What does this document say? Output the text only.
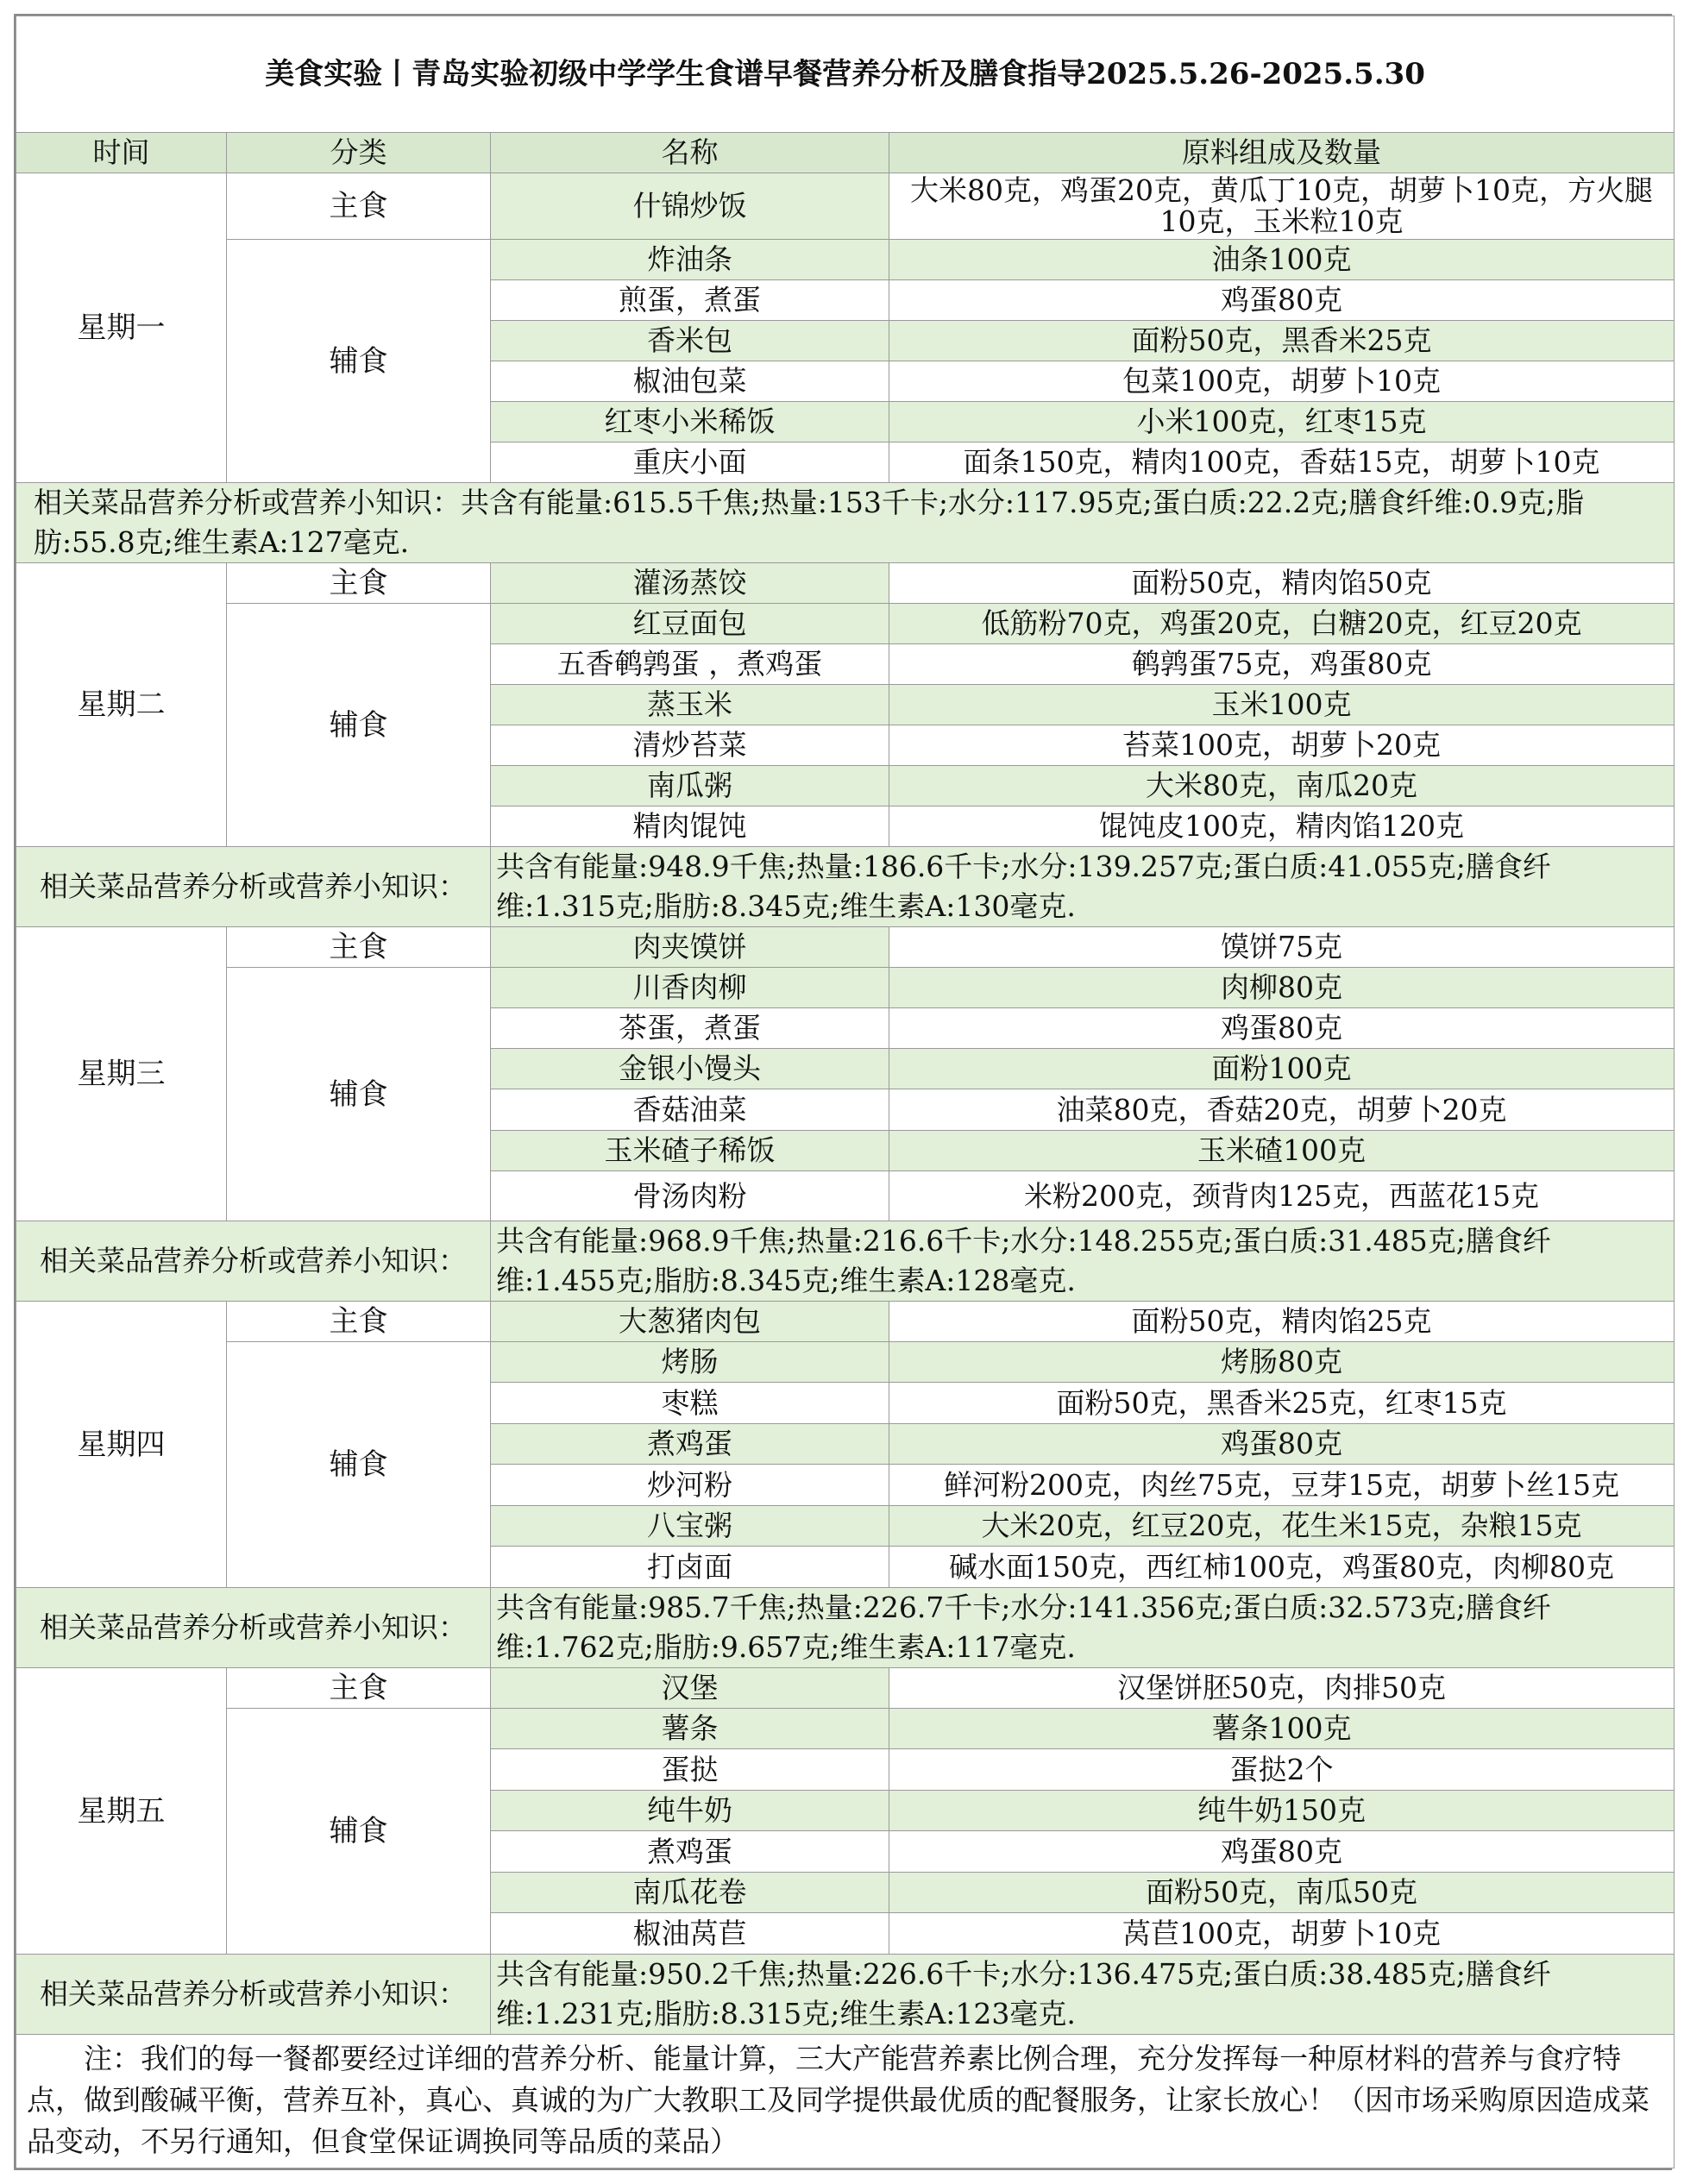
美食实验丨青岛实验初级中学学生食谱早餐营养分析及膳食指导2025.5.26-2025.5.30			
时间	分类	名称	原料组成及数量
星期一	主食	什锦炒饭	大米80克，鸡蛋20克，黄瓜丁10克，胡萝卜10克，方火腿10克，玉米粒10克
	辅食	炸油条	油条100克
		煎蛋，煮蛋	鸡蛋80克
		香米包	面粉50克，黑香米25克
		椒油包菜	包菜100克，胡萝卜10克
		红枣小米稀饭	小米100克，红枣15克
		重庆小面	面条150克，精肉100克，香菇15克，胡萝卜10克
相关菜品营养分析或营养小知识：共含有能量:615.5千焦;热量:153千卡;水分:117.95克;蛋白质:22.2克;膳食纤维:0.9克;脂肪:55.8克;维生素A:127毫克.			
星期二	主食	灌汤蒸饺	面粉50克，精肉馅50克
	辅食	红豆面包	低筋粉70克，鸡蛋20克，白糖20克，红豆20克
		五香鹌鹑蛋 ，煮鸡蛋	鹌鹑蛋75克，鸡蛋80克
		蒸玉米	玉米100克
		清炒苔菜	苔菜100克，胡萝卜20克
		南瓜粥	大米80克，南瓜20克
		精肉馄饨	馄饨皮100克，精肉馅120克
相关菜品营养分析或营养小知识：		共含有能量:948.9千焦;热量:186.6千卡;水分:139.257克;蛋白质:41.055克;膳食纤维:1.315克;脂肪:8.345克;维生素A:130毫克.	
星期三	主食	肉夹馍饼	馍饼75克
	辅食	川香肉柳	肉柳80克
		茶蛋，煮蛋	鸡蛋80克
		金银小馒头	面粉100克
		香菇油菜	油菜80克，香菇20克，胡萝卜20克
		玉米碴子稀饭	玉米碴100克
		骨汤肉粉	米粉200克，颈背肉125克，西蓝花15克
相关菜品营养分析或营养小知识：		共含有能量:968.9千焦;热量:216.6千卡;水分:148.255克;蛋白质:31.485克;膳食纤维:1.455克;脂肪:8.345克;维生素A:128毫克.	
星期四	主食	大葱猪肉包	面粉50克，精肉馅25克
	辅食	烤肠	烤肠80克
		枣糕	面粉50克，黑香米25克，红枣15克
		煮鸡蛋	鸡蛋80克
		炒河粉	鲜河粉200克，肉丝75克，豆芽15克，胡萝卜丝15克
		八宝粥	大米20克，红豆20克，花生米15克，杂粮15克
		打卤面	碱水面150克，西红柿100克，鸡蛋80克，肉柳80克
相关菜品营养分析或营养小知识：		共含有能量:985.7千焦;热量:226.7千卡;水分:141.356克;蛋白质:32.573克;膳食纤维:1.762克;脂肪:9.657克;维生素A:117毫克.	
星期五	主食	汉堡	汉堡饼胚50克，肉排50克
	辅食	薯条	薯条100克
		蛋挞	蛋挞2个
		纯牛奶	纯牛奶150克
		煮鸡蛋	鸡蛋80克
		南瓜花卷	面粉50克，南瓜50克
		椒油莴苣	莴苣100克，胡萝卜10克
相关菜品营养分析或营养小知识：		共含有能量:950.2千焦;热量:226.6千卡;水分:136.475克;蛋白质:38.485克;膳食纤维:1.231克;脂肪:8.315克;维生素A:123毫克.	
注：我们的每一餐都要经过详细的营养分析、能量计算，三大产能营养素比例合理，充分发挥每一种原材料的营养与食疗特点，做到酸碱平衡，营养互补，真心、真诚的为广大教职工及同学提供最优质的配餐服务，让家长放心！（因市场采购原因造成菜品变动，不另行通知，但食堂保证调换同等品质的菜品）			
